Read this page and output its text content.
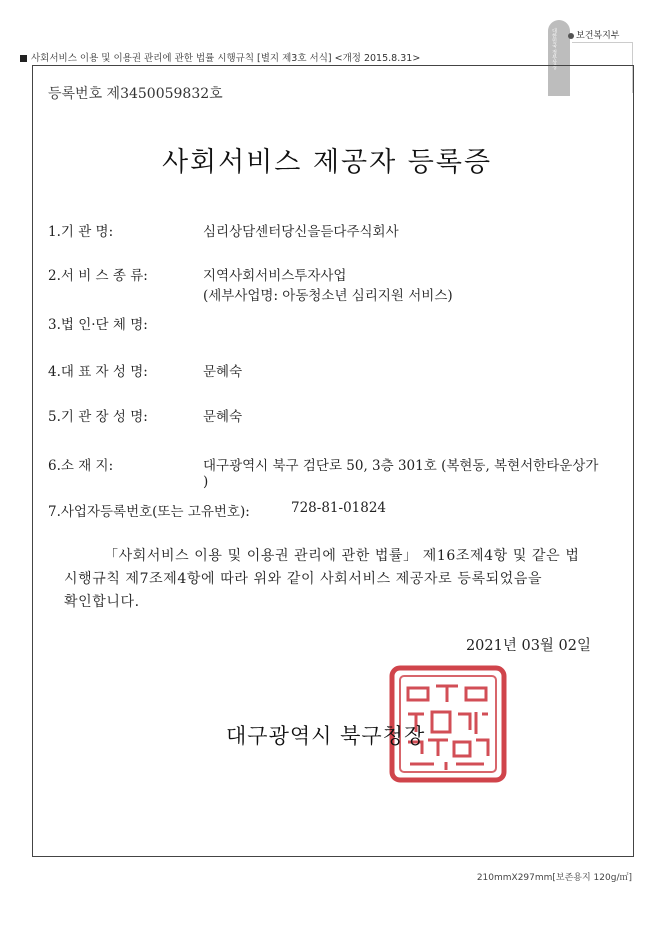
사회서비스 이용 및 이용권 관리에 관한 법률 시행규칙 [별지 제3호 서식] <개정 2015.8.31>	대한민국 정부상징	보건복지부
등록번호 제3450059832호
사회서비스 제공자 등록증
1.기 관 명:	심리상담센터당신을듣다주식회사
2.서 비 스 종 류:	지역사회서비스투자사업
(세부사업명: 아동청소년 심리지원 서비스)
3.법 인·단 체 명:
4.대 표 자 성 명:	문혜숙
5.기 관 장 성 명:	문혜숙
6.소 재 지:	대구광역시 북구 검단로 50, 3층 301호 (복현동, 복현서한타운상가
)
7.사업자등록번호(또는 고유번호):	728-81-01824
「사회서비스 이용 및 이용권 관리에 관한 법률」 제16조제4항 및 같은 법
시행규칙 제7조제4항에 따라 위와 같이 사회서비스 제공자로 등록되었음을
확인합니다.
2021년 03월 02일
대구광역시 북구청장
210mmX297mm[보존용지 120g/㎡]
